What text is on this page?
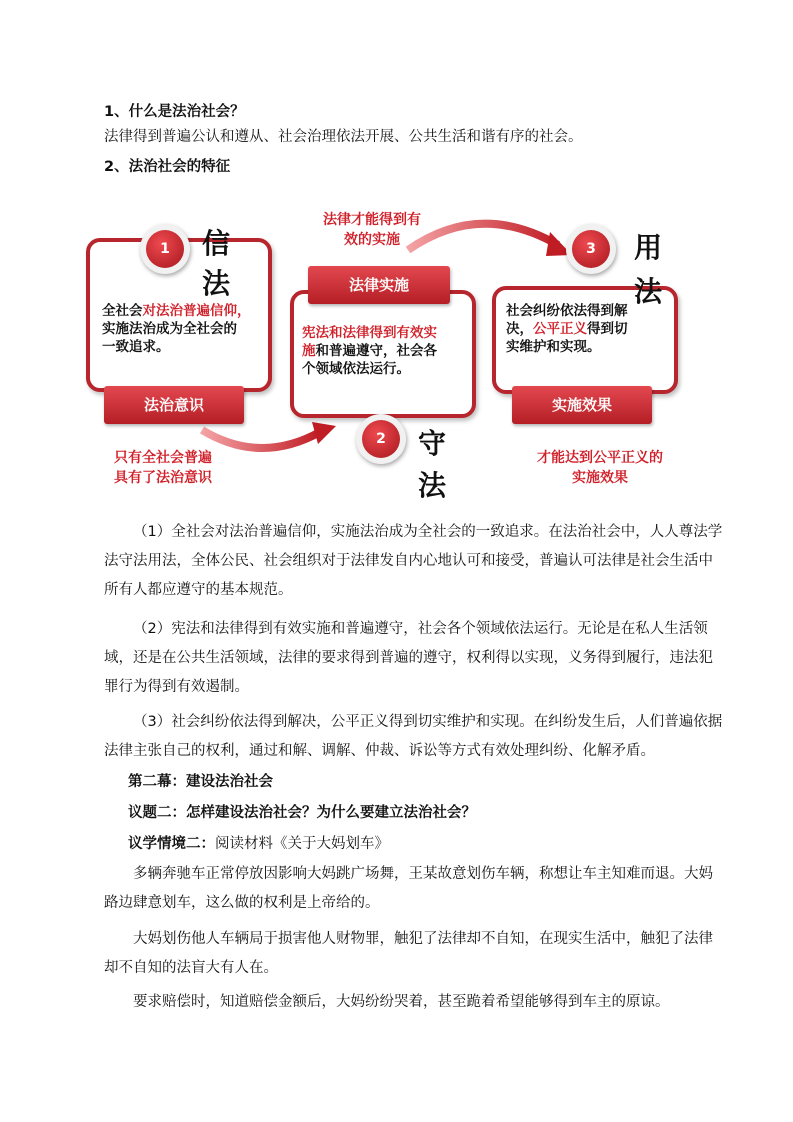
1、什么是法治社会？
法律得到普遍公认和遵从、社会治理依法开展、公共生活和谐有序的社会。
2、法治社会的特征
法律才能得到有
效的实施
1	信
法
全社会对法治普遍信仰，
实施法治成为全社会的
一致追求。
法治意识
法律实施
宪法和法律得到有效实
施和普遍遵守，社会各
个领域依法运行。
2	守
法
3	用
法
社会纠纷依法得到解
决，公平正义得到切
实维护和实现。
实施效果
只有全社会普遍
具有了法治意识
才能达到公平正义的
实施效果
（1）全社会对法治普遍信仰，实施法治成为全社会的一致追求。在法治社会中，人人尊法学法守法用法，全体公民、社会组织对于法律发自内心地认可和接受，普遍认可法律是社会生活中所有人都应遵守的基本规范。
（2）宪法和法律得到有效实施和普遍遵守，社会各个领域依法运行。无论是在私人生活领域，还是在公共生活领域，法律的要求得到普遍的遵守，权利得以实现，义务得到履行，违法犯罪行为得到有效遏制。
（3）社会纠纷依法得到解决，公平正义得到切实维护和实现。在纠纷发生后，人们普遍依据法律主张自己的权利，通过和解、调解、仲裁、诉讼等方式有效处理纠纷、化解矛盾。
第二幕：建设法治社会
议题二：怎样建设法治社会？为什么要建立法治社会？
议学情境二：阅读材料《关于大妈划车》
多辆奔驰车正常停放因影响大妈跳广场舞，王某故意划伤车辆，称想让车主知难而退。大妈路边肆意划车，这么做的权利是上帝给的。
大妈划伤他人车辆局于损害他人财物罪，触犯了法律却不自知，在现实生活中，触犯了法律却不自知的法盲大有人在。
要求赔偿时，知道赔偿金额后，大妈纷纷哭着，甚至跪着希望能够得到车主的原谅。
